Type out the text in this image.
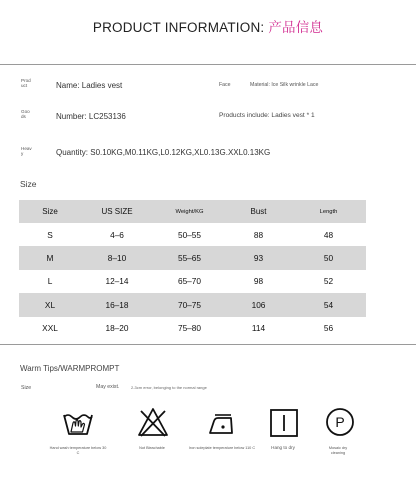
PRODUCT INFORMATION: 产品信息
Prod
uct	Name: Ladies vest	Face	Material: Ice Silk wrinkle Lace
Goo
ds	Number: LC253136	Products include: Ladies vest * 1
Heav
y	Quantity: S0.10KG,M0.11KG,L0.12KG,XL0.13G.XXL0.13KG
Size
Size	US SIZE	Weight/KG	Bust	Length
S	4–6	50–55	88	48
M	8–10	55–65	93	50
L	12–14	65–70	98	52
XL	16–18	70–75	106	54
XXL	18–20	75–80	114	56
Warm Tips/WARMPROMPT
Size	May exist.	2-3cm error, belonging to the normal range
P
Hand wash temperature below 30 C
Not Bleachable	Iron soleplate temperature below 110 C	Hang to dry	Mosaic dry
cleaning
